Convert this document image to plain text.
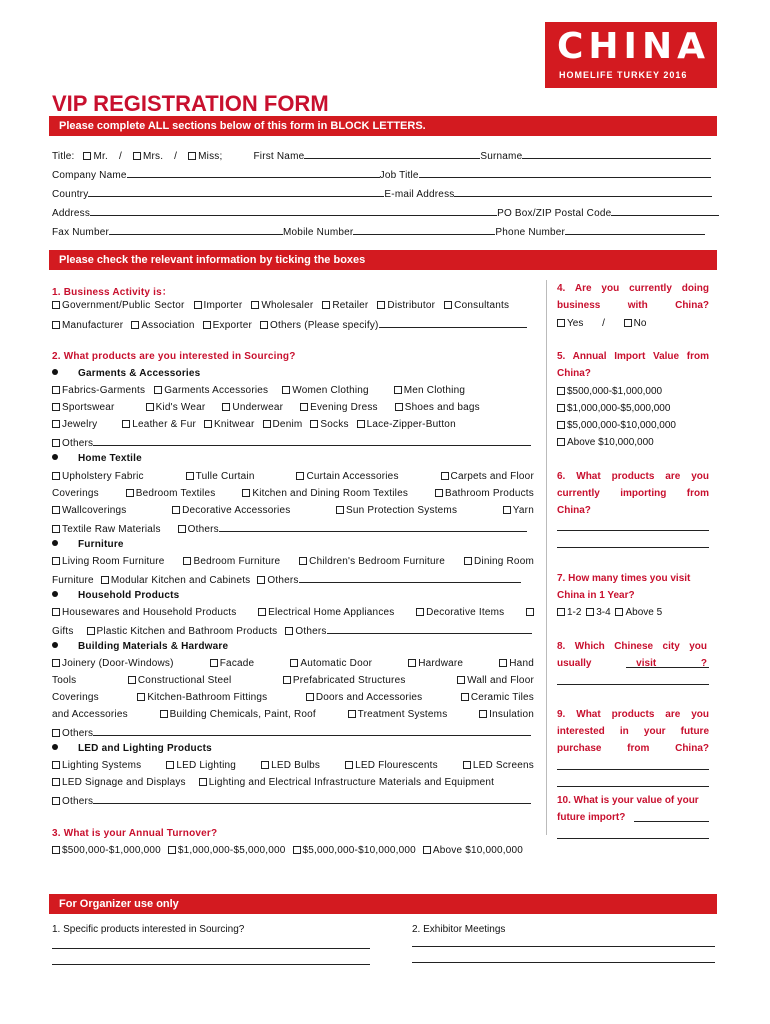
CHINA
HOMELIFE TURKEY 2016
VIP REGISTRATION FORM
Please complete ALL sections below of this form in BLOCK LETTERS.
Title: Mr. / Mrs. / Miss;	First Name	Surname
Company Name	Job Title
Country	E-mail Address
Address	PO Box/ZIP Postal Code
Fax Number	Mobile Number	Phone Number
Please check the relevant information by ticking the boxes
1. Business Activity is：
Government/Public Sector Importer Wholesaler Retailer Distributor Consultants
Manufacturer Association Exporter Others (Please specify)
2. What products are you interested in Sourcing?
Garments & Accessories
Fabrics-Garments Garments Accessories Women Clothing	Men Clothing
Sportswear	Kid's Wear	Underwear	Evening Dress	Shoes and bags
Jewelry	Leather & Fur Knitwear Denim Socks Lace-Zipper-Button
Others
Home Textile
Upholstery Fabric	Tulle Curtain	Curtain Accessories	Carpets and Floor
Coverings	Bedroom Textiles	Kitchen and Dining Room Textiles	Bathroom Products
Wallcoverings	Decorative Accessories	Sun Protection Systems	Yarn
Textile Raw Materials	Others
Furniture
Living Room Furniture	Bedroom Furniture	Children's Bedroom Furniture	Dining Room
Furniture Modular Kitchen and Cabinets Others
Household Products
Housewares and Household Products	Electrical Home Appliances	Decorative Items
Gifts Plastic Kitchen and Bathroom Products Others
Building Materials & Hardware
Joinery (Door-Windows)	Facade	Automatic Door	Hardware	Hand
Tools	Constructional Steel	Prefabricated Structures	Wall and Floor
Coverings	Kitchen-Bathroom Fittings	Doors and Accessories	Ceramic Tiles
and Accessories	Building Chemicals, Paint, Roof	Treatment Systems	Insulation
Others
LED and Lighting Products
Lighting Systems	LED Lighting	LED Bulbs	LED Flourescents	LED Screens
LED Signage and Displays Lighting and Electrical Infrastructure Materials and Equipment
Others
3. What is your Annual Turnover?
$500,000-$1,000,000 $1,000,000-$5,000,000 $5,000,000-$10,000,000 Above $10,000,000
4. Are you currently doing business with China?
Yes /	No
5. Annual Import Value from China?
$500,000-$1,000,000
$1,000,000-$5,000,000
$5,000,000-$10,000,000
Above $10,000,000
6. What products are you currently importing from China?
7. How many times you visit China in 1 Year?
1-2 3-4 Above 5
8. Which Chinese city you usually visit ?
9. What products are you interested in your future purchase from China?
10. What is your value of your future import?
For Organizer use only
1. Specific products interested in Sourcing?	2. Exhibitor Meetings
